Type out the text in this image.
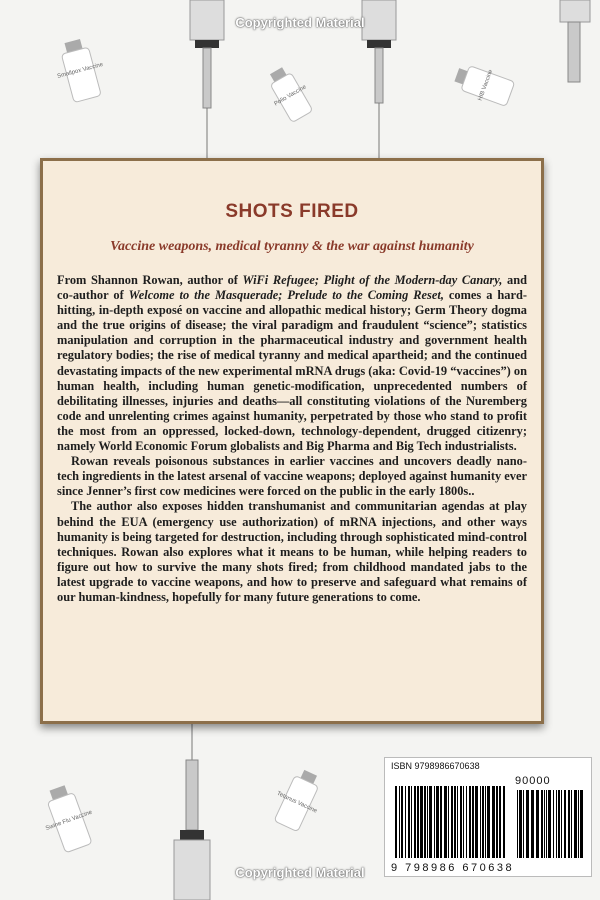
Smallpox Vaccine
Polio Vaccine	HIB Vaccine
Swine Flu Vaccine
Tetanus Vaccine
Copyrighted Material
SHOTS FIRED
Vaccine weapons, medical tyranny & the war against humanity

From Shannon Rowan, author of WiFi Refugee; Plight of the Modern-day Canary, and co-author of Welcome to the Masquerade; Prelude to the Coming Reset, comes a hard-hitting, in-depth exposé on vaccine and allopathic medical history; Germ Theory dogma and the true origins of disease; the viral paradigm and fraudulent “science”; statistics manipulation and corruption in the pharmaceutical industry and government health regulatory bodies; the rise of medical tyranny and medical apartheid; and the continued devastating impacts of the new experimental mRNA drugs (aka: Covid-19 “vaccines”) on human health, including human genetic-modification, unprecedented numbers of debilitating illnesses, injuries and deaths—all constituting violations of the Nuremberg code and unrelenting crimes against humanity, perpetrated by those who stand to profit the most from an oppressed, locked-down, technology-dependent, drugged citizenry; namely World Economic Forum globalists and Big Pharma and Big Tech industrialists.

Rowan reveals poisonous substances in earlier vaccines and uncovers deadly nano-tech ingredients in the latest arsenal of vaccine weapons; deployed against humanity ever since Jenner’s first cow medicines were forced on the public in the early 1800s..

The author also exposes hidden transhumanist and communitarian agendas at play behind the EUA (emergency use authorization) of mRNA injections, and other ways humanity is being targeted for destruction, including through sophisticated mind-control techniques. Rowan also explores what it means to be human, while helping readers to figure out how to survive the many shots fired; from childhood mandated jabs to the latest upgrade to vaccine weapons, and how to preserve and safeguard what remains of our human-kindness, hopefully for many future generations to come.

ISBN 9798986670638
90000
9 798986 670638
Copyrighted Material
